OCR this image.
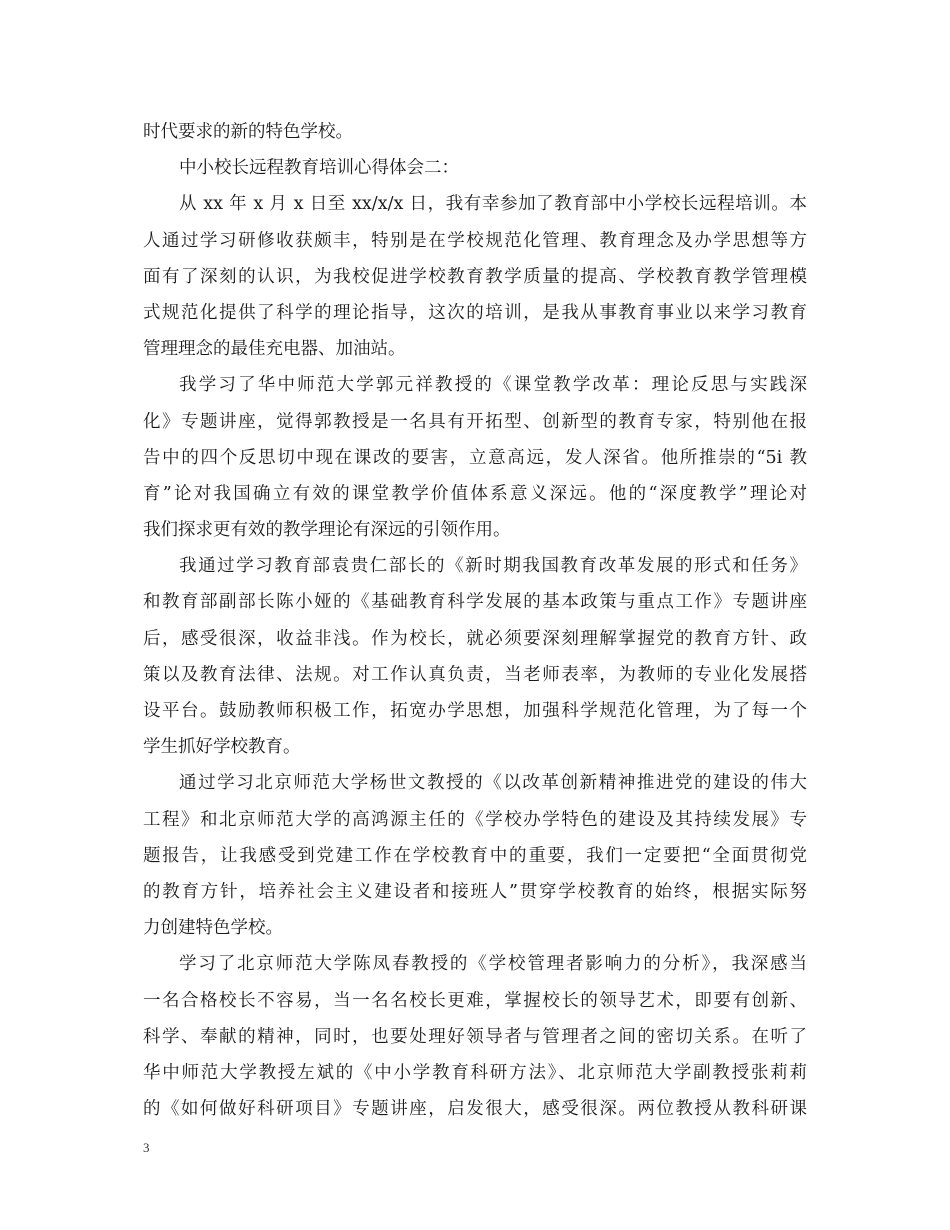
时代要求的新的特色学校。
中小校长远程教育培训心得体会二：
从 xx 年 x 月 x 日至 xx/x/x 日，我有幸参加了教育部中小学校长远程培训。本
人通过学习研修收获颇丰，特别是在学校规范化管理、教育理念及办学思想等方
面有了深刻的认识，为我校促进学校教育教学质量的提高、学校教育教学管理模
式规范化提供了科学的理论指导，这次的培训，是我从事教育事业以来学习教育
管理理念的最佳充电器、加油站。
我学习了华中师范大学郭元祥教授的《课堂教学改革：理论反思与实践深
化》专题讲座，觉得郭教授是一名具有开拓型、创新型的教育专家，特别他在报
告中的四个反思切中现在课改的要害，立意高远，发人深省。他所推崇的“5i 教
育”论对我国确立有效的课堂教学价值体系意义深远。他的“深度教学”理论对
我们探求更有效的教学理论有深远的引领作用。
我通过学习教育部袁贵仁部长的《新时期我国教育改革发展的形式和任务》
和教育部副部长陈小娅的《基础教育科学发展的基本政策与重点工作》专题讲座
后，感受很深，收益非浅。作为校长，就必须要深刻理解掌握党的教育方针、政
策以及教育法律、法规。对工作认真负责，当老师表率，为教师的专业化发展搭
设平台。鼓励教师积极工作，拓宽办学思想，加强科学规范化管理，为了每一个
学生抓好学校教育。
通过学习北京师范大学杨世文教授的《以改革创新精神推进党的建设的伟大
工程》和北京师范大学的高鸿源主任的《学校办学特色的建设及其持续发展》专
题报告，让我感受到党建工作在学校教育中的重要，我们一定要把“全面贯彻党
的教育方针，培养社会主义建设者和接班人”贯穿学校教育的始终，根据实际努
力创建特色学校。
学习了北京师范大学陈凤春教授的《学校管理者影响力的分析》，我深感当
一名合格校长不容易，当一名名校长更难，掌握校长的领导艺术，即要有创新、
科学、奉献的精神，同时，也要处理好领导者与管理者之间的密切关系。在听了
华中师范大学教授左斌的《中小学教育科研方法》、北京师范大学副教授张莉莉
的《如何做好科研项目》专题讲座，启发很大，感受很深。两位教授从教科研课
3
